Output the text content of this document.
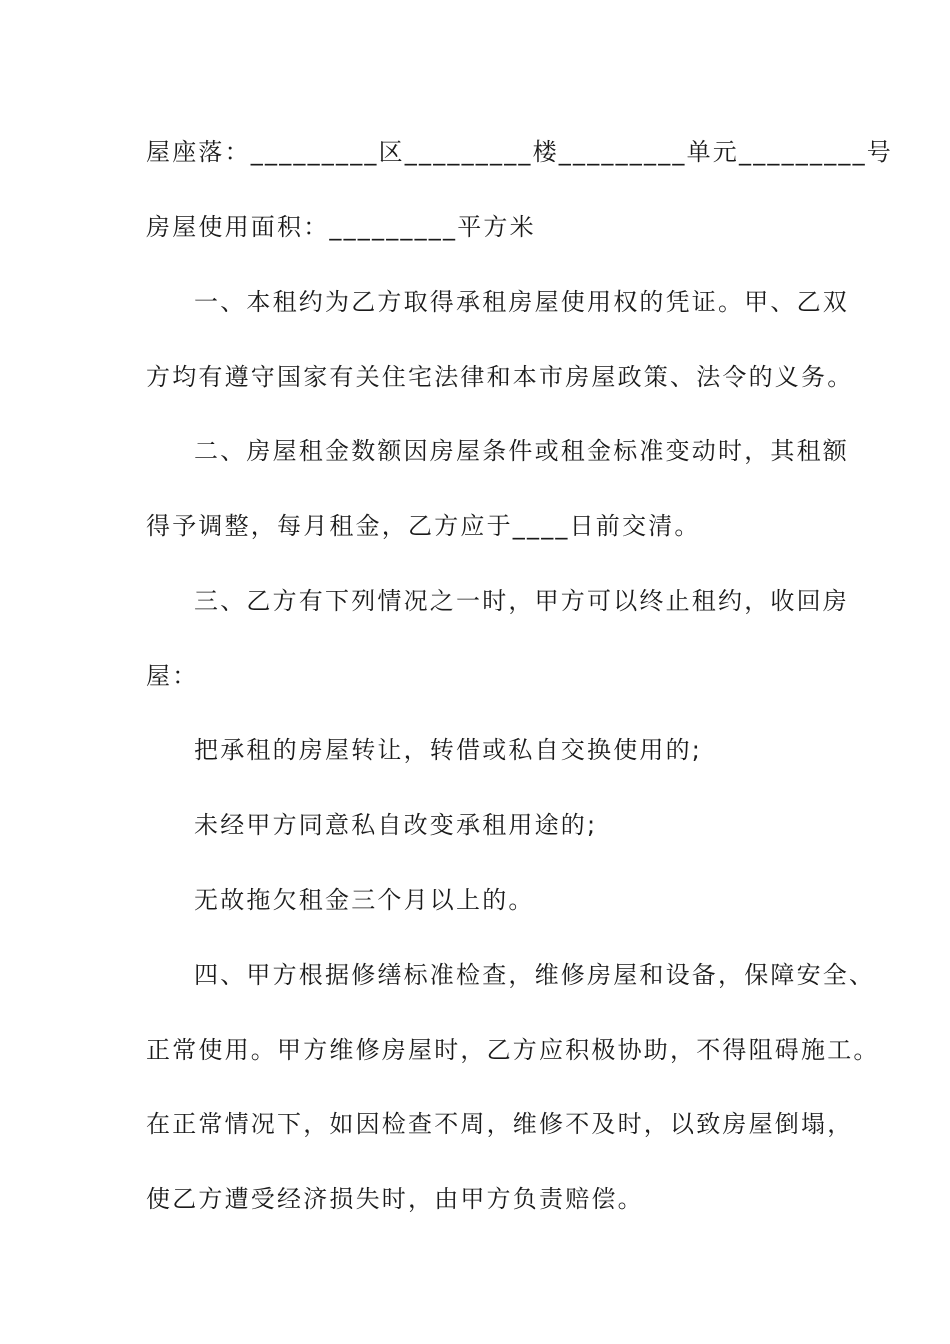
屋座落：_________区_________楼_________单元_________号
房屋使用面积：_________平方米
一、本租约为乙方取得承租房屋使用权的凭证。甲、乙双
方均有遵守国家有关住宅法律和本市房屋政策、法令的义务。
二、房屋租金数额因房屋条件或租金标准变动时，其租额
得予调整，每月租金，乙方应于____日前交清。
三、乙方有下列情况之一时，甲方可以终止租约，收回房
屋：
把承租的房屋转让，转借或私自交换使用的;
未经甲方同意私自改变承租用途的;
无故拖欠租金三个月以上的。
四、甲方根据修缮标准检查，维修房屋和设备，保障安全、
正常使用。甲方维修房屋时，乙方应积极协助，不得阻碍施工。
在正常情况下，如因检查不周，维修不及时，以致房屋倒塌，
使乙方遭受经济损失时，由甲方负责赔偿。
